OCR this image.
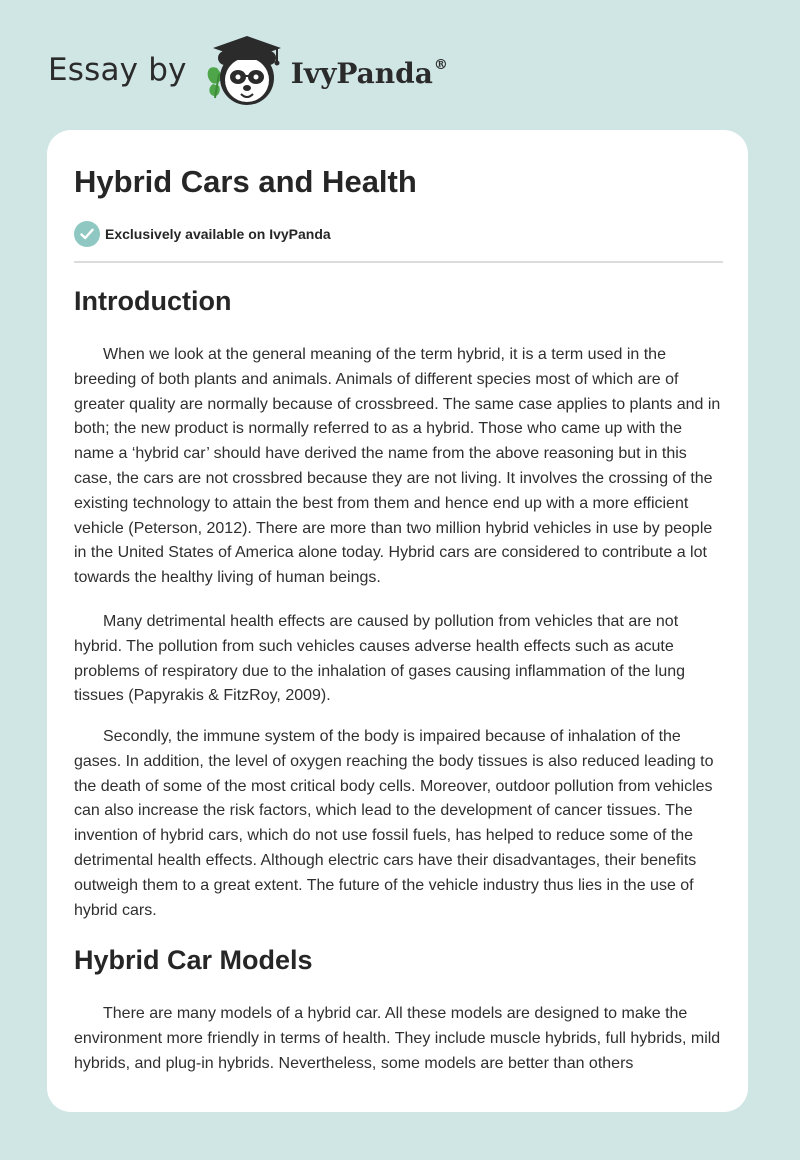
Essay by	IvyPanda®
Hybrid Cars and Health
Exclusively available on IvyPanda
Introduction

When we look at the general meaning of the term hybrid, it is a term used in the breeding of both plants and animals. Animals of different species most of which are of greater quality are normally because of crossbreed. The same case applies to plants and in both; the new product is normally referred to as a hybrid. Those who came up with the name a ‘hybrid car’ should have derived the name from the above reasoning but in this case, the cars are not crossbred because they are not living. It involves the crossing of the existing technology to attain the best from them and hence end up with a more efficient vehicle (Peterson, 2012). There are more than two million hybrid vehicles in use by people in the United States of America alone today. Hybrid cars are considered to contribute a lot towards the healthy living of human beings.

Many detrimental health effects are caused by pollution from vehicles that are not hybrid. The pollution from such vehicles causes adverse health effects such as acute problems of respiratory due to the inhalation of gases causing inflammation of the lung tissues (Papyrakis & FitzRoy, 2009).

Secondly, the immune system of the body is impaired because of inhalation of the gases. In addition, the level of oxygen reaching the body tissues is also reduced leading to the death of some of the most critical body cells. Moreover, outdoor pollution from vehicles can also increase the risk factors, which lead to the development of cancer tissues. The invention of hybrid cars, which do not use fossil fuels, has helped to reduce some of the detrimental health effects. Although electric cars have their disadvantages, their benefits outweigh them to a great extent. The future of the vehicle industry thus lies in the use of hybrid cars.

Hybrid Car Models

There are many models of a hybrid car. All these models are designed to make the environment more friendly in terms of health. They include muscle hybrids, full hybrids, mild hybrids, and plug-in hybrids. Nevertheless, some models are better than others
